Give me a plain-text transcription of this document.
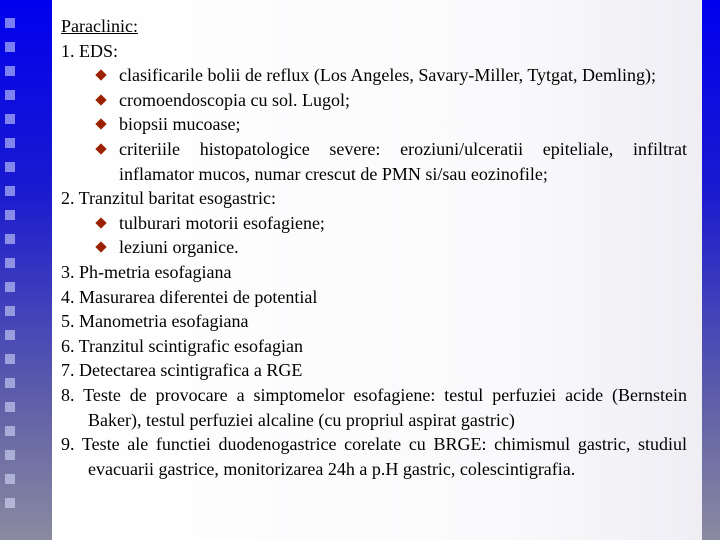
Paraclinic:
1. EDS:
clasificarile bolii de reflux (Los Angeles, Savary-Miller, Tytgat, Demling);
cromoendoscopia cu sol. Lugol;
biopsii mucoase;
criteriile histopatologice severe: eroziuni/ulceratii epiteliale, infiltrat inflamator mucos, numar crescut de PMN si/sau eozinofile;
2. Tranzitul baritat esogastric:
tulburari motorii esofagiene;
leziuni organice.
3. Ph-metria esofagiana
4. Masurarea diferentei de potential
5. Manometria esofagiana
6. Tranzitul scintigrafic esofagian
7. Detectarea scintigrafica a RGE
8. Teste de provocare a simptomelor esofagiene: testul perfuziei acide (Bernstein Baker), testul perfuziei alcaline (cu propriul aspirat gastric)
9. Teste ale functiei duodenogastrice corelate cu BRGE: chimismul gastric, studiul evacuarii gastrice, monitorizarea 24h a p.H gastric, colescintigrafia.
